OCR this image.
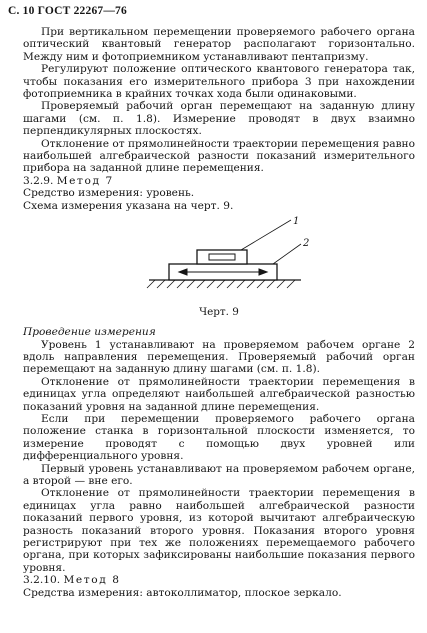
С. 10 ГОСТ 22267—76

При вертикальном перемещении проверяемого рабочего органа оптический квантовый генератор располагают горизонтально. Между ним и фотоприемником устанавливают пентапризму.

Регулируют положение оптического квантового генератора так, чтобы показания его измерительного прибора 3 при нахождении фотоприемника в крайних точках хода были одинаковыми.

Проверяемый рабочий орган перемещают на заданную длину шагами (см. п. 1.8). Измерение проводят в двух взаимно перпендикулярных плоскостях.

Отклонение от прямолинейности траектории перемещения равно наибольшей алгебраической разности показаний измерительного прибора на заданной длине перемещения.

3.2.9. Метод 7

Средство измерения: уровень.

Схема измерения указана на черт. 9.

1
2
Черт. 9

Проведение измерения

Уровень 1 устанавливают на проверяемом рабочем органе 2 вдоль направления перемещения. Проверяемый рабочий орган перемещают на заданную длину шагами (см. п. 1.8).

Отклонение от прямолинейности траектории перемещения в единицах угла определяют наибольшей алгебраической разностью показаний уровня на заданной длине перемещения.

Если при перемещении проверяемого рабочего органа положение станка в горизонтальной плоскости изменяется, то измерение проводят с помощью двух уровней или дифференциального уровня.

Первый уровень устанавливают на проверяемом рабочем органе, а второй — вне его.

Отклонение от прямолинейности траектории перемещения в единицах угла равно наибольшей алгебраической разности показаний первого уровня, из которой вычитают алгебраическую разность показаний второго уровня. Показания второго уровня регистрируют при тех же положениях перемещаемого рабочего органа, при которых зафиксированы наибольшие показания первого уровня.

3.2.10. Метод 8

Средства измерения: автоколлиматор, плоское зеркало.
